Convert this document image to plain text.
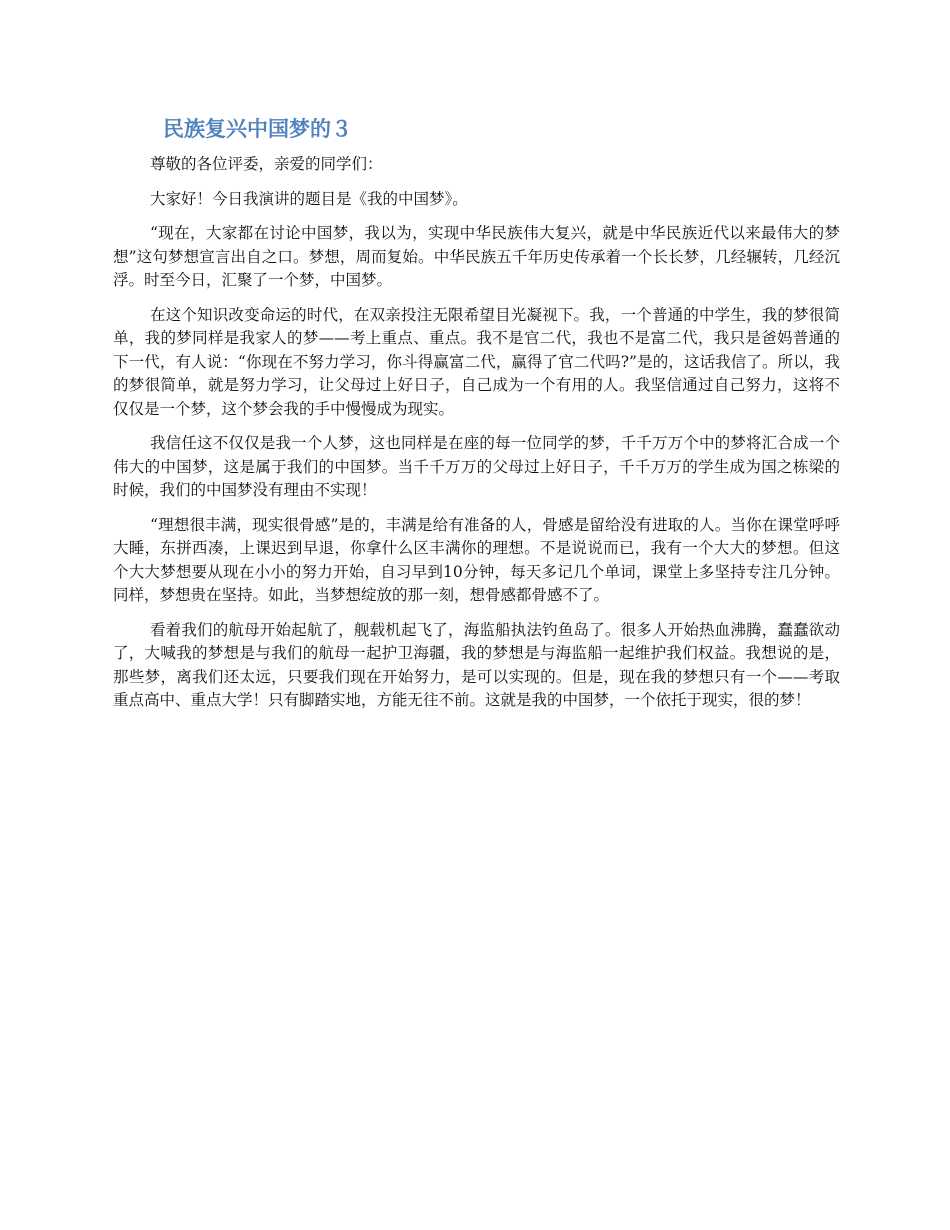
民族复兴中国梦的３

尊敬的各位评委，亲爱的同学们：

大家好！今日我演讲的题目是《我的中国梦》。

“现在，大家都在讨论中国梦，我以为，实现中华民族伟大复兴，就是中华民族近代以来最伟大的梦想”这句梦想宣言出自之口。梦想，周而复始。中华民族五千年历史传承着一个长长梦，几经辗转，几经沉浮。时至今日，汇聚了一个梦，中国梦。

在这个知识改变命运的时代，在双亲投注无限希望目光凝视下。我，一个普通的中学生，我的梦很简单，我的梦同样是我家人的梦——考上重点、重点。我不是官二代，我也不是富二代，我只是爸妈普通的下一代，有人说：“你现在不努力学习，你斗得赢富二代，赢得了官二代吗?”是的，这话我信了。所以，我的梦很简单，就是努力学习，让父母过上好日子，自己成为一个有用的人。我坚信通过自己努力，这将不仅仅是一个梦，这个梦会我的手中慢慢成为现实。

我信任这不仅仅是我一个人梦，这也同样是在座的每一位同学的梦，千千万万个中的梦将汇合成一个伟大的中国梦，这是属于我们的中国梦。当千千万万的父母过上好日子，千千万万的学生成为国之栋梁的时候，我们的中国梦没有理由不实现！

“理想很丰满，现实很骨感”是的，丰满是给有准备的人，骨感是留给没有进取的人。当你在课堂呼呼大睡，东拼西凑，上课迟到早退，你拿什么区丰满你的理想。不是说说而已，我有一个大大的梦想。但这个大大梦想要从现在小小的努力开始，自习早到10分钟，每天多记几个单词，课堂上多坚持专注几分钟。同样，梦想贵在坚持。如此，当梦想绽放的那一刻，想骨感都骨感不了。

看着我们的航母开始起航了，舰载机起飞了，海监船执法钓鱼岛了。很多人开始热血沸腾，蠢蠢欲动了，大喊我的梦想是与我们的航母一起护卫海疆，我的梦想是与海监船一起维护我们权益。我想说的是，那些梦，离我们还太远，只要我们现在开始努力，是可以实现的。但是，现在我的梦想只有一个——考取重点高中、重点大学！只有脚踏实地，方能无往不前。这就是我的中国梦，一个依托于现实，很的梦！
